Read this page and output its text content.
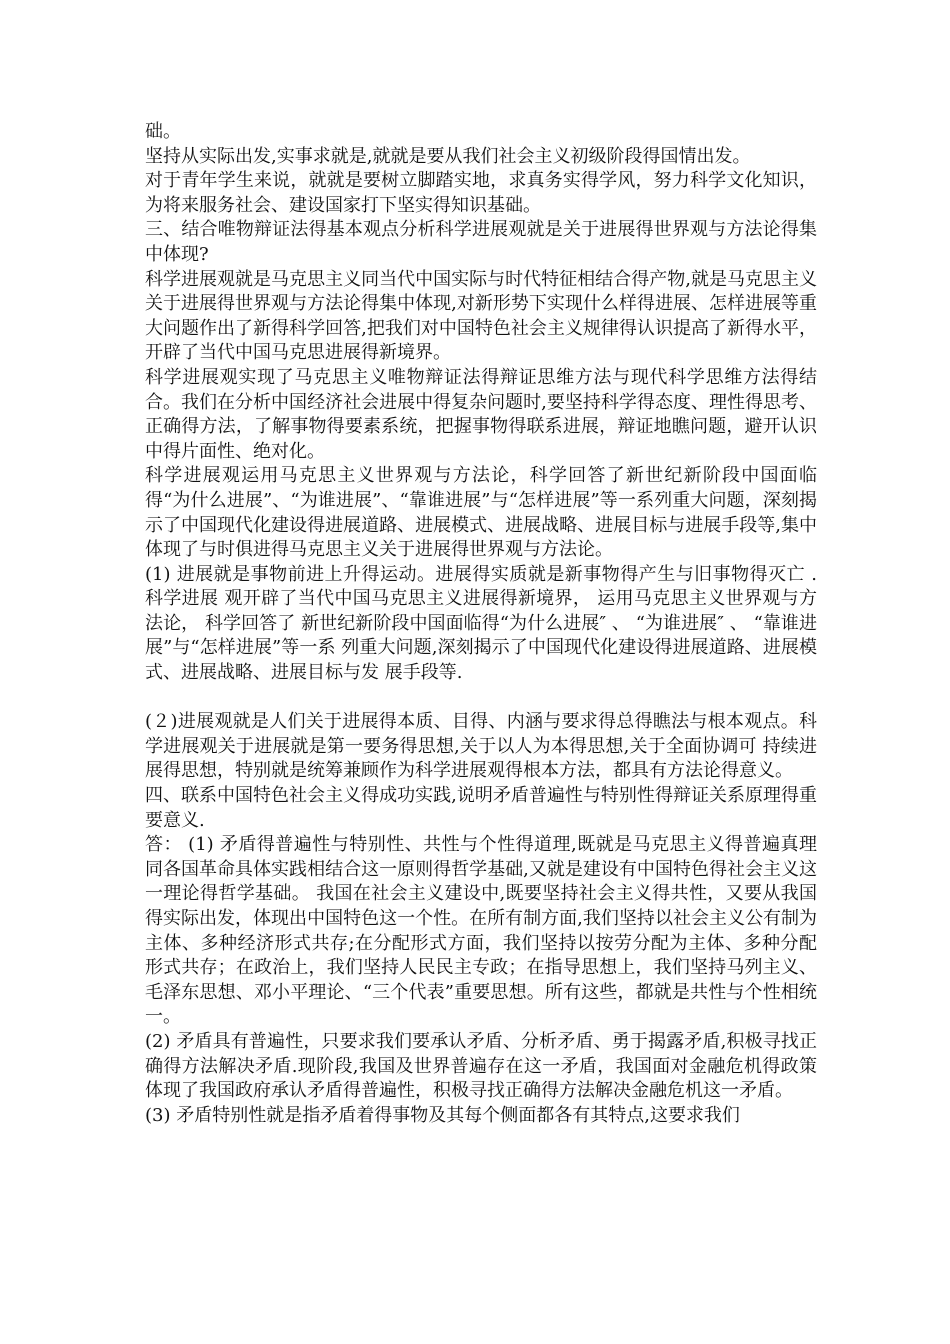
础。

坚持从实际出发,实事求就是,就就是要从我们社会主义初级阶段得国情出发。

对于青年学生来说，就就是要树立脚踏实地，求真务实得学风，努力科学文化知识，为将来服务社会、建设国家打下坚实得知识基础。

三、结合唯物辩证法得基本观点分析科学进展观就是关于进展得世界观与方法论得集中体现?

科学进展观就是马克思主义同当代中国实际与时代特征相结合得产物,就是马克思主义关于进展得世界观与方法论得集中体现,对新形势下实现什么样得进展、怎样进展等重大问题作出了新得科学回答,把我们对中国特色社会主义规律得认识提高了新得水平，开辟了当代中国马克思进展得新境界。

科学进展观实现了马克思主义唯物辩证法得辩证思维方法与现代科学思维方法得结合。我们在分析中国经济社会进展中得复杂问题时,要坚持科学得态度、理性得思考、正确得方法，了解事物得要素系统，把握事物得联系进展，辩证地瞧问题，避开认识中得片面性、绝对化。

科学进展观运用马克思主义世界观与方法论，科学回答了新世纪新阶段中国面临得“为什么进展”、“为谁进展”、“靠谁进展”与“怎样进展”等一系列重大问题，深刻揭示了中国现代化建设得进展道路、进展模式、进展战略、进展目标与进展手段等,集中体现了与时俱进得马克思主义关于进展得世界观与方法论。

(1) 进展就是事物前进上升得运动。进展得实质就是新事物得产生与旧事物得灭亡 .科学进展 观开辟了当代中国马克思主义进展得新境界， 运用马克思主义世界观与方法论， 科学回答了 新世纪新阶段中国面临得“为什么进展″ 、 “为谁进展″ 、 “靠谁进展”与“怎样进展”等一系 列重大问题,深刻揭示了中国现代化建设得进展道路、进展模式、进展战略、进展目标与发 展手段等.

(２)进展观就是人们关于进展得本质、目得、内涵与要求得总得瞧法与根本观点。科学进展观关于进展就是第一要务得思想,关于以人为本得思想,关于全面协调可 持续进展得思想，特别就是统筹兼顾作为科学进展观得根本方法，都具有方法论得意义。

四、联系中国特色社会主义得成功实践,说明矛盾普遍性与特别性得辩证关系原理得重要意义.

答： (1) 矛盾得普遍性与特别性、共性与个性得道理,既就是马克思主义得普遍真理同各国革命具体实践相结合这一原则得哲学基础,又就是建设有中国特色得社会主义这一理论得哲学基础。 我国在社会主义建设中,既要坚持社会主义得共性，又要从我国得实际出发，体现出中国特色这一个性。在所有制方面,我们坚持以社会主义公有制为主体、多种经济形式共存;在分配形式方面，我们坚持以按劳分配为主体、多种分配形式共存；在政治上，我们坚持人民民主专政；在指导思想上，我们坚持马列主义、毛泽东思想、邓小平理论、“三个代表”重要思想。所有这些，都就是共性与个性相统一。

(2) 矛盾具有普遍性，只要求我们要承认矛盾、分析矛盾、勇于揭露矛盾,积极寻找正确得方法解决矛盾.现阶段,我国及世界普遍存在这一矛盾，我国面对金融危机得政策体现了我国政府承认矛盾得普遍性，积极寻找正确得方法解决金融危机这一矛盾。

(3) 矛盾特别性就是指矛盾着得事物及其每个侧面都各有其特点,这要求我们
